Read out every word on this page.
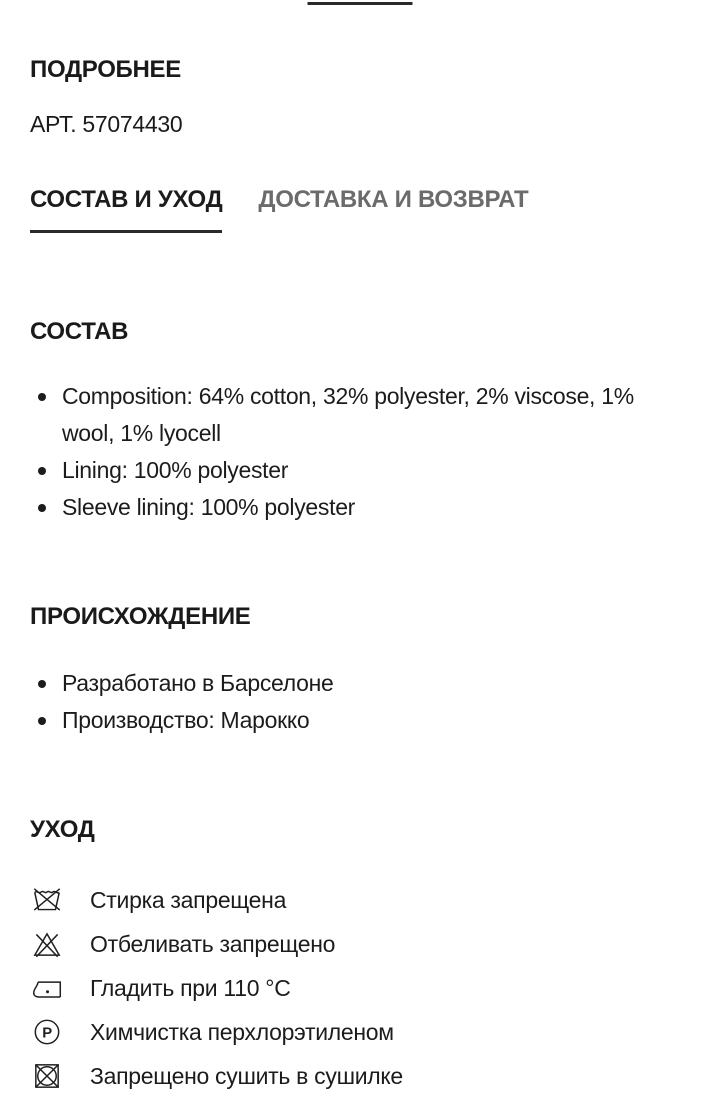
ПОДРОБНЕЕ
АРТ. 57074430
СОСТАВ И УХОД ДОСТАВКА И ВОЗВРАТ
СОСТАВ
Composition: 64% cotton, 32% polyester, 2% viscose, 1% wool, 1% lyocell
Lining: 100% polyester
Sleeve lining: 100% polyester
ПРОИСХОЖДЕНИЕ
Разработано в Барселоне
Производство: Марокко
УХОД
Стирка запрещена
Отбеливать запрещено
Гладить при 110 °C
P Химчистка перхлорэтиленом
Запрещено сушить в сушилке
